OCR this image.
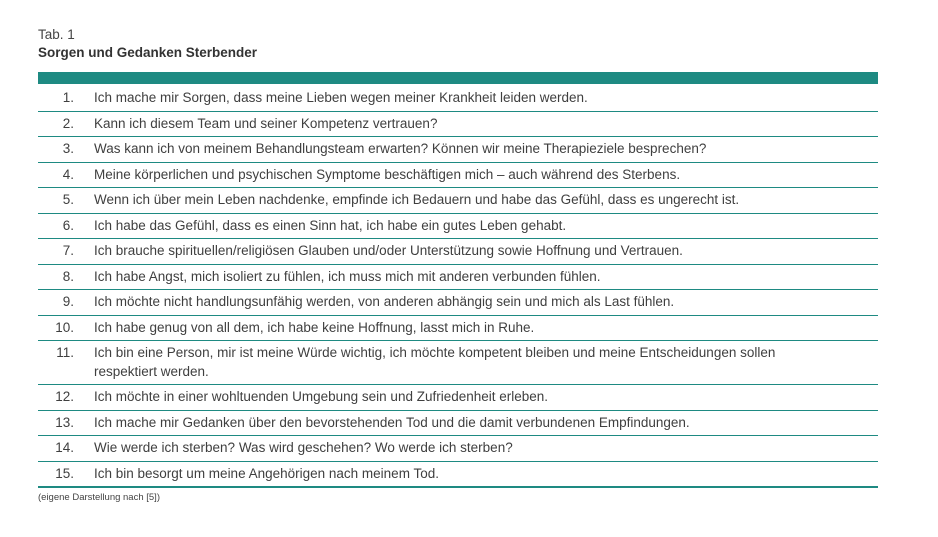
Tab. 1
Sorgen und Gedanken Sterbender
1.	Ich mache mir Sorgen, dass meine Lieben wegen meiner Krankheit leiden werden.
2.	Kann ich diesem Team und seiner Kompetenz vertrauen?
3.	Was kann ich von meinem Behandlungsteam erwarten? Können wir meine Therapieziele besprechen?
4.	Meine körperlichen und psychischen Symptome beschäftigen mich – auch während des Sterbens.
5.	Wenn ich über mein Leben nachdenke, empfinde ich Bedauern und habe das Gefühl, dass es ungerecht ist.
6.	Ich habe das Gefühl, dass es einen Sinn hat, ich habe ein gutes Leben gehabt.
7.	Ich brauche spirituellen/religiösen Glauben und/oder Unterstützung sowie Hoffnung und Vertrauen.
8.	Ich habe Angst, mich isoliert zu fühlen, ich muss mich mit anderen verbunden fühlen.
9.	Ich möchte nicht handlungsunfähig werden, von anderen abhängig sein und mich als Last fühlen.
10.	Ich habe genug von all dem, ich habe keine Hoffnung, lasst mich in Ruhe.
11.	Ich bin eine Person, mir ist meine Würde wichtig, ich möchte kompetent bleiben und meine Entscheidungen sollen respektiert werden.
12.	Ich möchte in einer wohltuenden Umgebung sein und Zufriedenheit erleben.
13.	Ich mache mir Gedanken über den bevorstehenden Tod und die damit verbundenen Empfindungen.
14.	Wie werde ich sterben? Was wird geschehen? Wo werde ich sterben?
15.	Ich bin besorgt um meine Angehörigen nach meinem Tod.
(eigene Darstellung nach [5])
